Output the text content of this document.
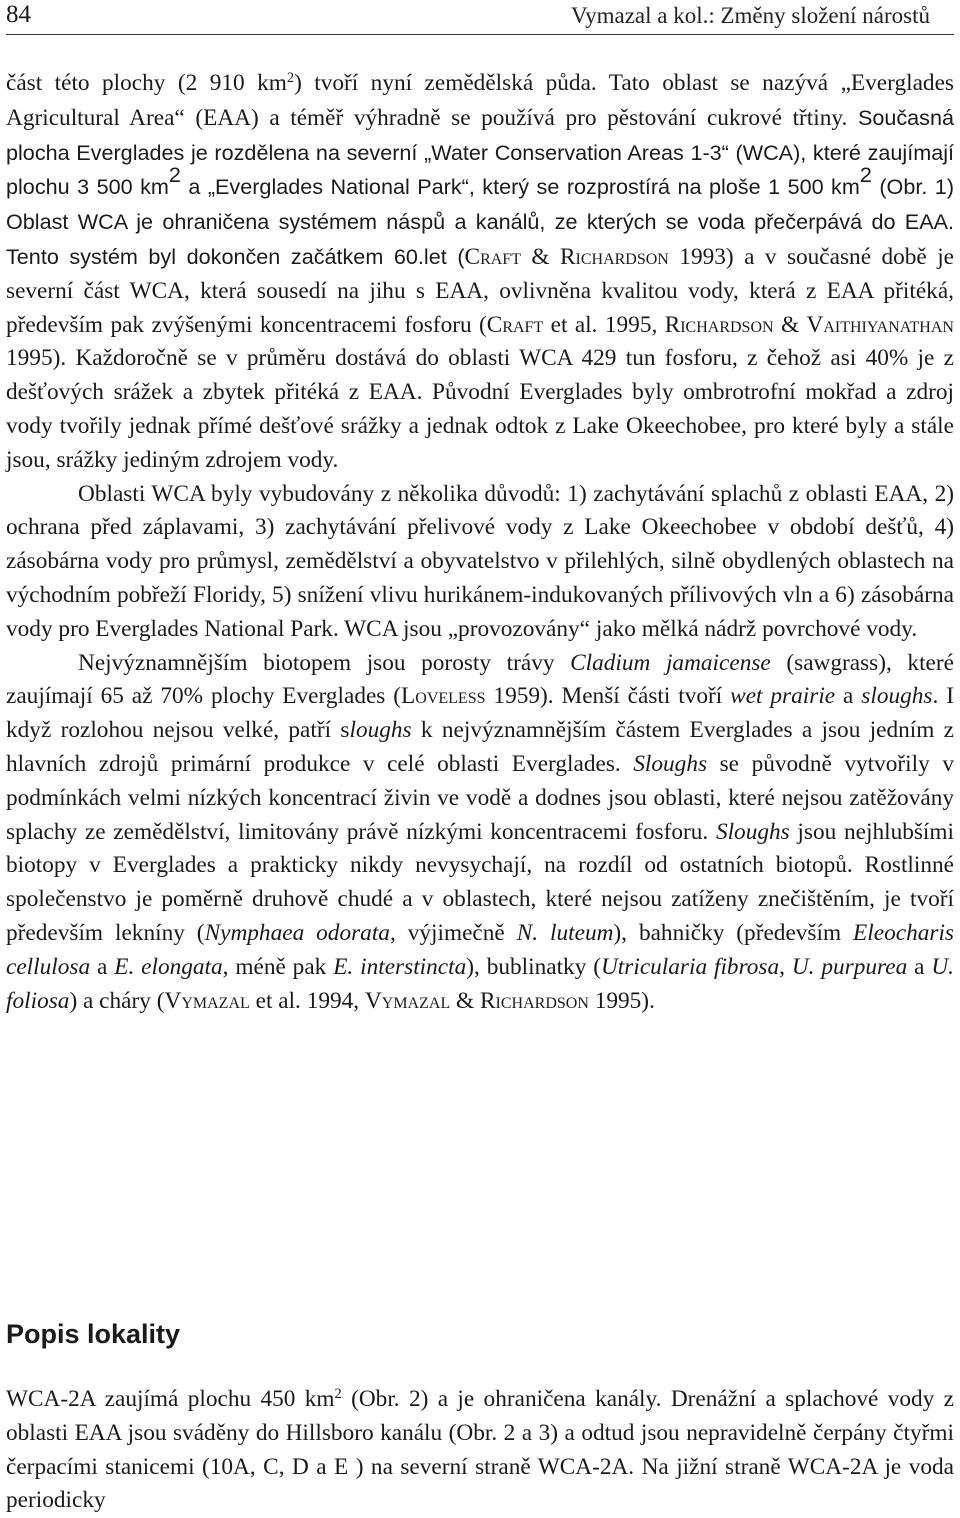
84	Vymazal a kol.: Změny složení nárostů

část této plochy (2 910 $km^2$) tvoří nyní zemědělská půda. Tato oblast se nazývá „Everglades Agricultural Area“ (EAA) a téměř výhradně se používá pro pěstování cukrové třtiny. Současná plocha Everglades je rozdělena na severní „Water Conservation Areas 1-3“ (WCA), které zaujímají plochu 3 500 $km^2$ a „Everglades National Park“, který se rozprostírá na ploše 1 500 $km^2$ (Obr. 1) Oblast WCA je ohraničena systémem náspů a kanálů, ze kterých se voda přečerpává do EAA. Tento systém byl dokončen začátkem 60.let (Craft & Richardson 1993) a v současné době je severní část WCA, která sousedí na jihu s EAA, ovlivněna kvalitou vody, která z EAA přitéká, především pak zvýšenými koncentracemi fosforu (Craft et al. 1995, Richardson & Vaithiyanathan 1995). Každoročně se v průměru dostává do oblasti WCA 429 tun fosforu, z čehož asi 40% je z dešťových srážek a zbytek přitéká z EAA. Původní Everglades byly ombrotrofní mokřad a zdroj vody tvořily jednak přímé dešťové srážky a jednak odtok z Lake Okeechobee, pro které byly a stále jsou, srážky jediným zdrojem vody.

Oblasti WCA byly vybudovány z několika důvodů: 1) zachytávání splachů z oblasti EAA, 2) ochrana před záplavami, 3) zachytávání přelivové vody z Lake Okeechobee v období dešťů, 4) zásobárna vody pro průmysl, zemědělství a obyvatelstvo v přilehlých, silně obydlených oblastech na východním pobřeží Floridy, 5) snížení vlivu hurikánem-indukovaných přílivových vln a 6) zásobárna vody pro Everglades National Park. WCA jsou „provozovány“ jako mělká nádrž povrchové vody.

Nejvýznamnějším biotopem jsou porosty trávy Cladium jamaicense (sawgrass), které zaujímají 65 až 70% plochy Everglades (Loveless 1959). Menší části tvoří wet prairie a sloughs. I když rozlohou nejsou velké, patří sloughs k nejvýznamnějším částem Everglades a jsou jedním z hlavních zdrojů primární produkce v celé oblasti Everglades. Sloughs se původně vytvořily v podmínkách velmi nízkých koncentrací živin ve vodě a dodnes jsou oblasti, které nejsou zatěžovány splachy ze zemědělství, limitovány právě nízkými koncentracemi fosforu. Sloughs jsou nejhlubšími biotopy v Everglades a prakticky nikdy nevysychají, na rozdíl od ostatních biotopů. Rostlinné společenstvo je poměrně druhově chudé a v oblastech, které nejsou zatíženy znečištěním, je tvoří především lekníny (Nymphaea odorata, výjimečně N. luteum), bahničky (především Eleocharis cellulosa a E. elongata, méně pak E. interstincta), bublinatky (Utricularia fibrosa, U. purpurea a U. foliosa) a cháry (Vymazal et al. 1994, Vymazal & Richardson 1995).

Popis lokality

WCA-2A zaujímá plochu 450 $km^2$ (Obr. 2) a je ohraničena kanály. Drenážní a splachové vody z oblasti EAA jsou sváděny do Hillsboro kanálu (Obr. 2 a 3) a odtud jsou nepravidelně čerpány čtyřmi čerpacími stanicemi (10A, C, D a E ) na severní straně WCA-2A. Na jižní straně WCA-2A je voda periodicky
